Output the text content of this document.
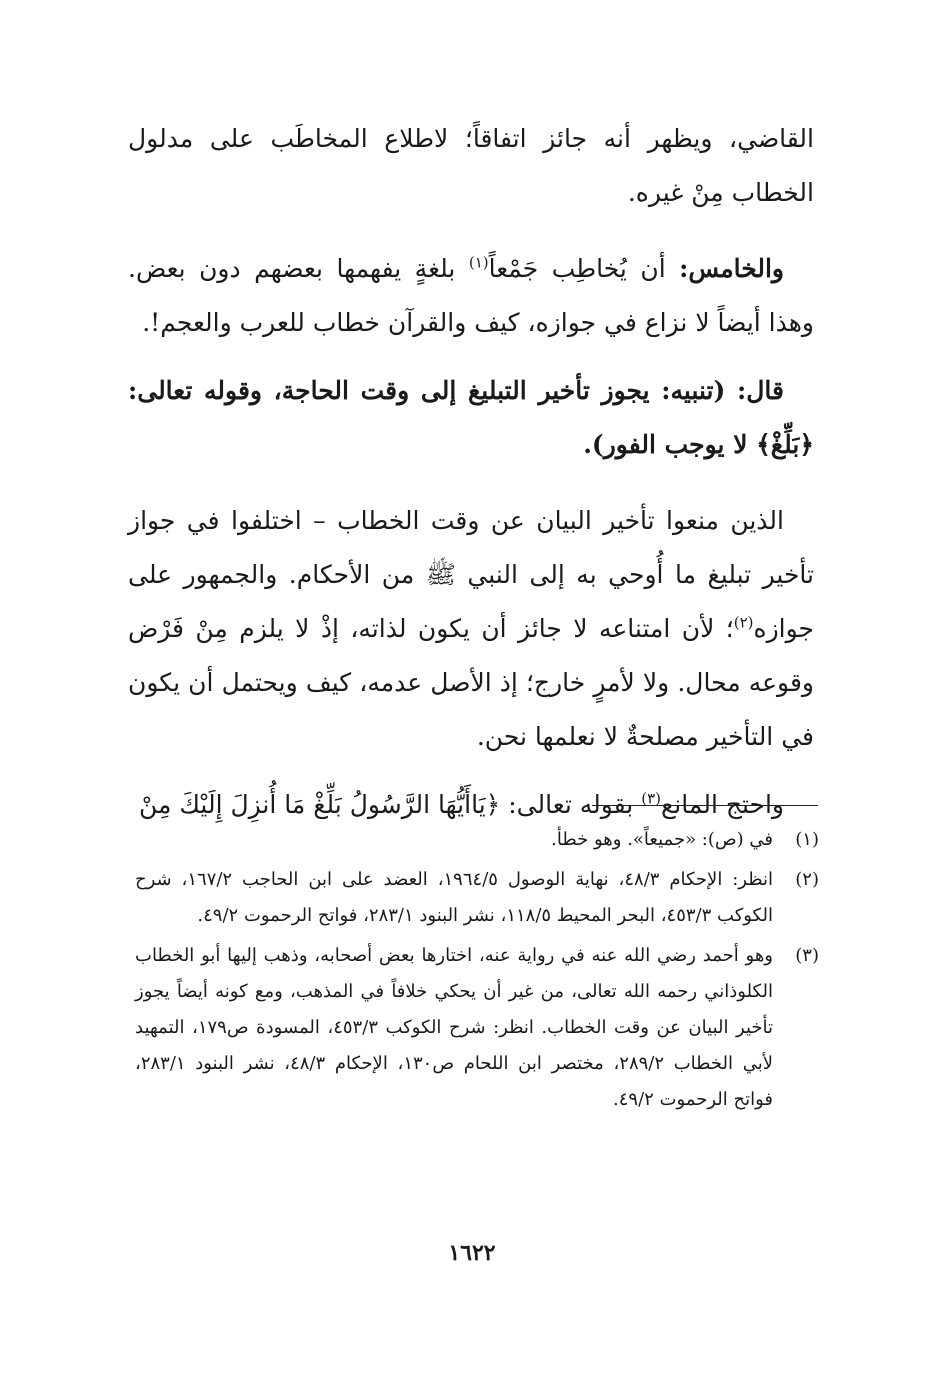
القاضي، ويظهر أنه جائز اتفاقاً؛ لاطلاع المخاطَب على مدلول الخطاب مِنْ غيره.

والخامس: أن يُخاطِب جَمْعاً$^{(١)}$ بلغةٍ يفهمها بعضهم دون بعض. وهذا أيضاً لا نزاع في جوازه، كيف والقرآن خطاب للعرب والعجم!.

قال: (تنبيه: يجوز تأخير التبليغ إلى وقت الحاجة، وقوله تعالى: ﴿بَلِّغْ﴾ لا يوجب الفور).

الذين منعوا تأخير البيان عن وقت الخطاب – اختلفوا في جواز تأخير تبليغ ما أُوحي به إلى النبي ﷺ من الأحكام. والجمهور على جوازه$^{(٢)}$؛ لأن امتناعه لا جائز أن يكون لذاته، إذْ لا يلزم مِنْ فَرْض وقوعه محال. ولا لأمرٍ خارج؛ إذ الأصل عدمه، كيف ويحتمل أن يكون في التأخير مصلحةٌ لا نعلمها نحن.

واحتج المانع$^{(٣)}$ بقوله تعالى: ﴿يَاأَيُّهَا الرَّسُولُ بَلِّغْ مَا أُنزِلَ إِلَيْكَ مِنْ

(١)
في (ص): «جميعاً». وهو خطأ.
(٢)
انظر: الإحكام ٤٨/٣، نهاية الوصول ١٩٦٤/٥، العضد على ابن الحاجب ١٦٧/٢، شرح الكوكب ٤٥٣/٣، البحر المحيط ١١٨/٥، نشر البنود ٢٨٣/١، فواتح الرحموت ٤٩/٢.
(٣)
وهو أحمد رضي الله عنه في رواية عنه، اختارها بعض أصحابه، وذهب إليها أبو الخطاب الكلوذاني رحمه الله تعالى، من غير أن يحكي خلافاً في المذهب، ومع كونه أيضاً يجوز تأخير البيان عن وقت الخطاب. انظر: شرح الكوكب ٤٥٣/٣، المسودة ص١٧٩، التمهيد لأبي الخطاب ٢٨٩/٢، مختصر ابن اللحام ص١٣٠، الإحكام ٤٨/٣، نشر البنود ٢٨٣/١، فواتح الرحموت ٤٩/٢.
١٦٢٢
